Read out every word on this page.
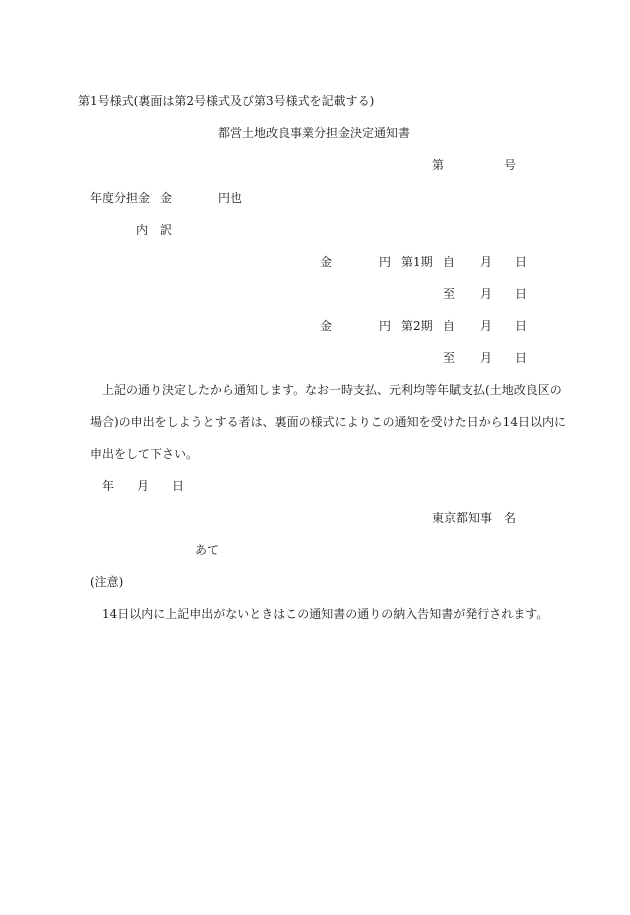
第1号様式(裏面は第2号様式及び第3号様式を記載する)
都営土地改良事業分担金決定通知書
第	号
年度分担金 金	円也
内　訳
金	円 第1期 自 月 日
至 月 日
金	円 第2期 自 月 日
至 月 日
上記の通り決定したから通知します。なお一時支払、元利均等年賦支払(土地改良区の
場合)の申出をしようとする者は、裏面の様式によりこの通知を受けた日から14日以内に
申出をして下さい。
年 月 日
東京都知事 名
あて
(注意)
14日以内に上記申出がないときはこの通知書の通りの納入告知書が発行されます。
